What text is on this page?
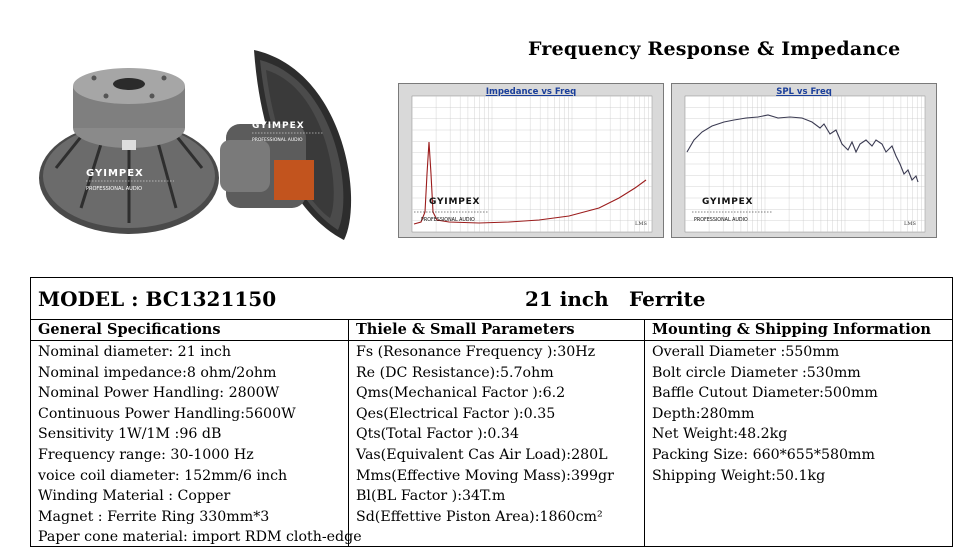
GYIMPEX
PROFESSIONAL AUDIO
GYIMPEX
PROFESSIONAL AUDIO
Frequency Response & Impedance
GYIMPEX
PROFESSIONAL AUDIO
LMS
Impedance vs Freq
GYIMPEX
PROFESSIONAL AUDIO
LMS
SPL vs Freq
MODEL : BC1321150	21 inch Ferrite
General Specifications
Nominal diameter: 21 inch
Nominal impedance:8 ohm/2ohm
Nominal Power Handling: 2800W
Continuous Power Handling:5600W
Sensitivity 1W/1M :96 dB
Frequency range: 30-1000 Hz
voice coil diameter: 152mm/6 inch
Winding Material : Copper
Magnet : Ferrite Ring 330mm*3
Paper cone material: import RDM cloth-edge
Thiele & Small Parameters
Fs (Resonance Frequency ):30Hz
Re (DC Resistance):5.7ohm
Qms(Mechanical Factor ):6.2
Qes(Electrical Factor ):0.35
Qts(Total Factor ):0.34
Vas(Equivalent Cas Air Load):280L
Mms(Effective Moving Mass):399gr
Bl(BL Factor ):34T.m
Sd(Effettive Piston Area):1860cm²
Mounting & Shipping Information
Overall Diameter :550mm
Bolt circle Diameter :530mm
Baffle Cutout Diameter:500mm
Depth:280mm
Net Weight:48.2kg
Packing Size: 660*655*580mm
Shipping Weight:50.1kg
